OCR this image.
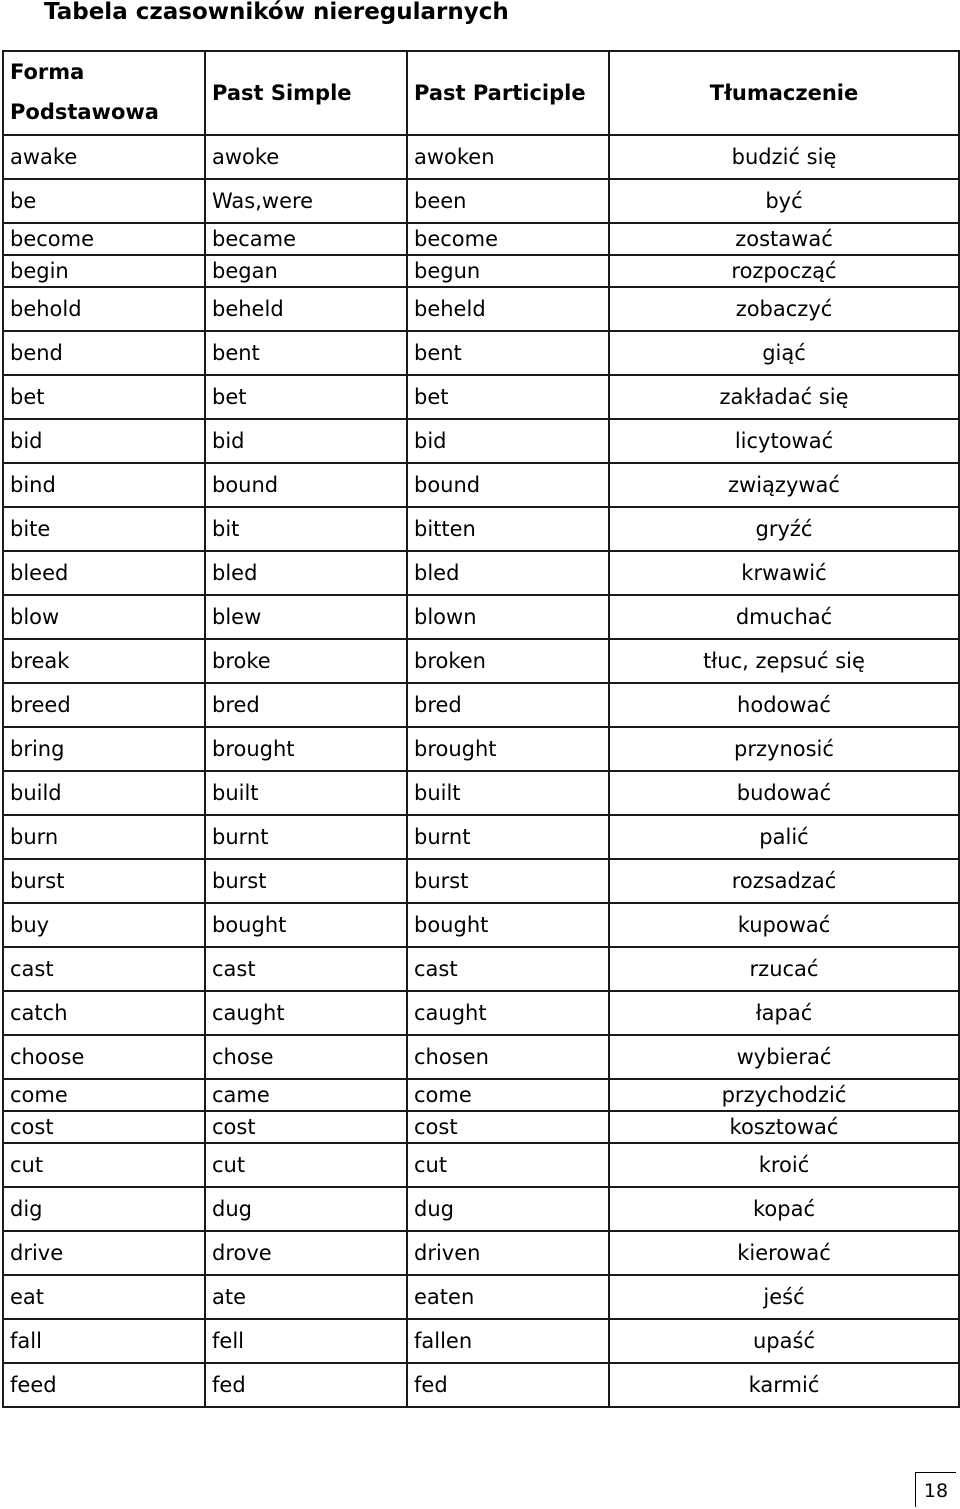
Tabela czasowników nieregularnych
Forma
Podstawowa	Past Simple	Past Participle	Tłumaczenie
awake	awoke	awoken	budzić się
be	Was,were	been	być
become	became	become	zostawać
begin	began	begun	rozpocząć
behold	beheld	beheld	zobaczyć
bend	bent	bent	giąć
bet	bet	bet	zakładać się
bid	bid	bid	licytować
bind	bound	bound	związywać
bite	bit	bitten	gryźć
bleed	bled	bled	krwawić
blow	blew	blown	dmuchać
break	broke	broken	tłuc, zepsuć się
breed	bred	bred	hodować
bring	brought	brought	przynosić
build	built	built	budować
burn	burnt	burnt	palić
burst	burst	burst	rozsadzać
buy	bought	bought	kupować
cast	cast	cast	rzucać
catch	caught	caught	łapać
choose	chose	chosen	wybierać
come	came	come	przychodzić
cost	cost	cost	kosztować
cut	cut	cut	kroić
dig	dug	dug	kopać
drive	drove	driven	kierować
eat	ate	eaten	jeść
fall	fell	fallen	upaść
feed	fed	fed	karmić
18
